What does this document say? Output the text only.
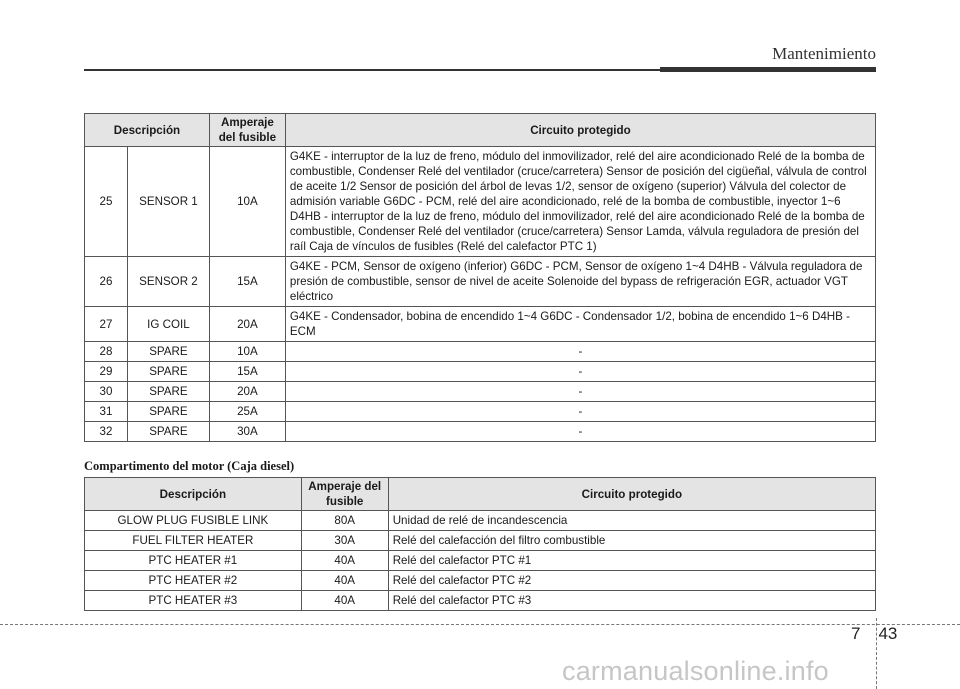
Mantenimiento
Descripción		Amperaje del fusible	Circuito protegido
25	SENSOR 1	10A	G4KE - interruptor de la luz de freno, módulo del inmovilizador, relé del aire acondicionado Relé de la bomba de combustible, Condenser Relé del ventilador (cruce/carretera) Sensor de posición del cigüeñal, válvula de control de aceite 1/2 Sensor de posición del árbol de levas 1/2, sensor de oxígeno (superior) Válvula del colector de admisión variable G6DC - PCM, relé del aire acondicionado, relé de la bomba de combustible, inyector 1~6 D4HB - interruptor de la luz de freno, módulo del inmovilizador, relé del aire acondicionado Relé de la bomba de combustible, Condenser Relé del ventilador (cruce/carretera) Sensor Lamda, válvula reguladora de presión del raíl Caja de vínculos de fusibles (Relé del calefactor PTC 1)
26	SENSOR 2	15A	G4KE - PCM, Sensor de oxígeno (inferior) G6DC - PCM, Sensor de oxígeno 1~4 D4HB - Válvula reguladora de presión de combustible, sensor de nivel de aceite Solenoide del bypass de refrigeración EGR, actuador VGT eléctrico
27	IG COIL	20A	G4KE - Condensador, bobina de encendido 1~4 G6DC - Condensador 1/2, bobina de encendido 1~6 D4HB - ECM
28	SPARE	10A	-
29	SPARE	15A	-
30	SPARE	20A	-
31	SPARE	25A	-
32	SPARE	30A	-
Compartimento del motor (Caja diesel)
Descripción	Amperaje del fusible	Circuito protegido
GLOW PLUG FUSIBLE LINK	80A	Unidad de relé de incandescencia
FUEL FILTER HEATER	30A	Relé del calefacción del filtro combustible
PTC HEATER #1	40A	Relé del calefactor PTC #1
PTC HEATER #2	40A	Relé del calefactor PTC #2
PTC HEATER #3	40A	Relé del calefactor PTC #3
7 43
carmanualsonline.info
